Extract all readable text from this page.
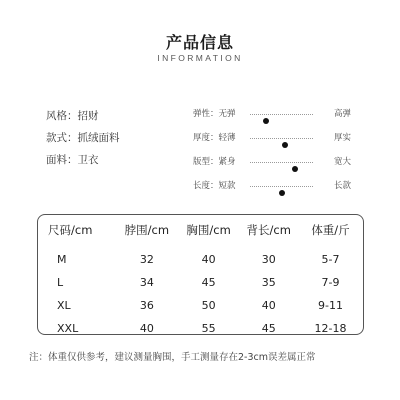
产品信息
INFORMATION
风格：招财
款式：抓绒面料
面料：卫衣
弹性：无弹	高弹
厚度：轻薄	厚实
版型：紧身	宽大
长度：短款	长款
尺码/cm	脖围/cm	胸围/cm	背长/cm	体重/斤
M	32	40	30	5-7
L	34	45	35	7-9
XL	36	50	40	9-11
XXL	40	55	45	12-18
注：体重仅供参考，建议测量胸围，手工测量存在2-3cm误差属正常
